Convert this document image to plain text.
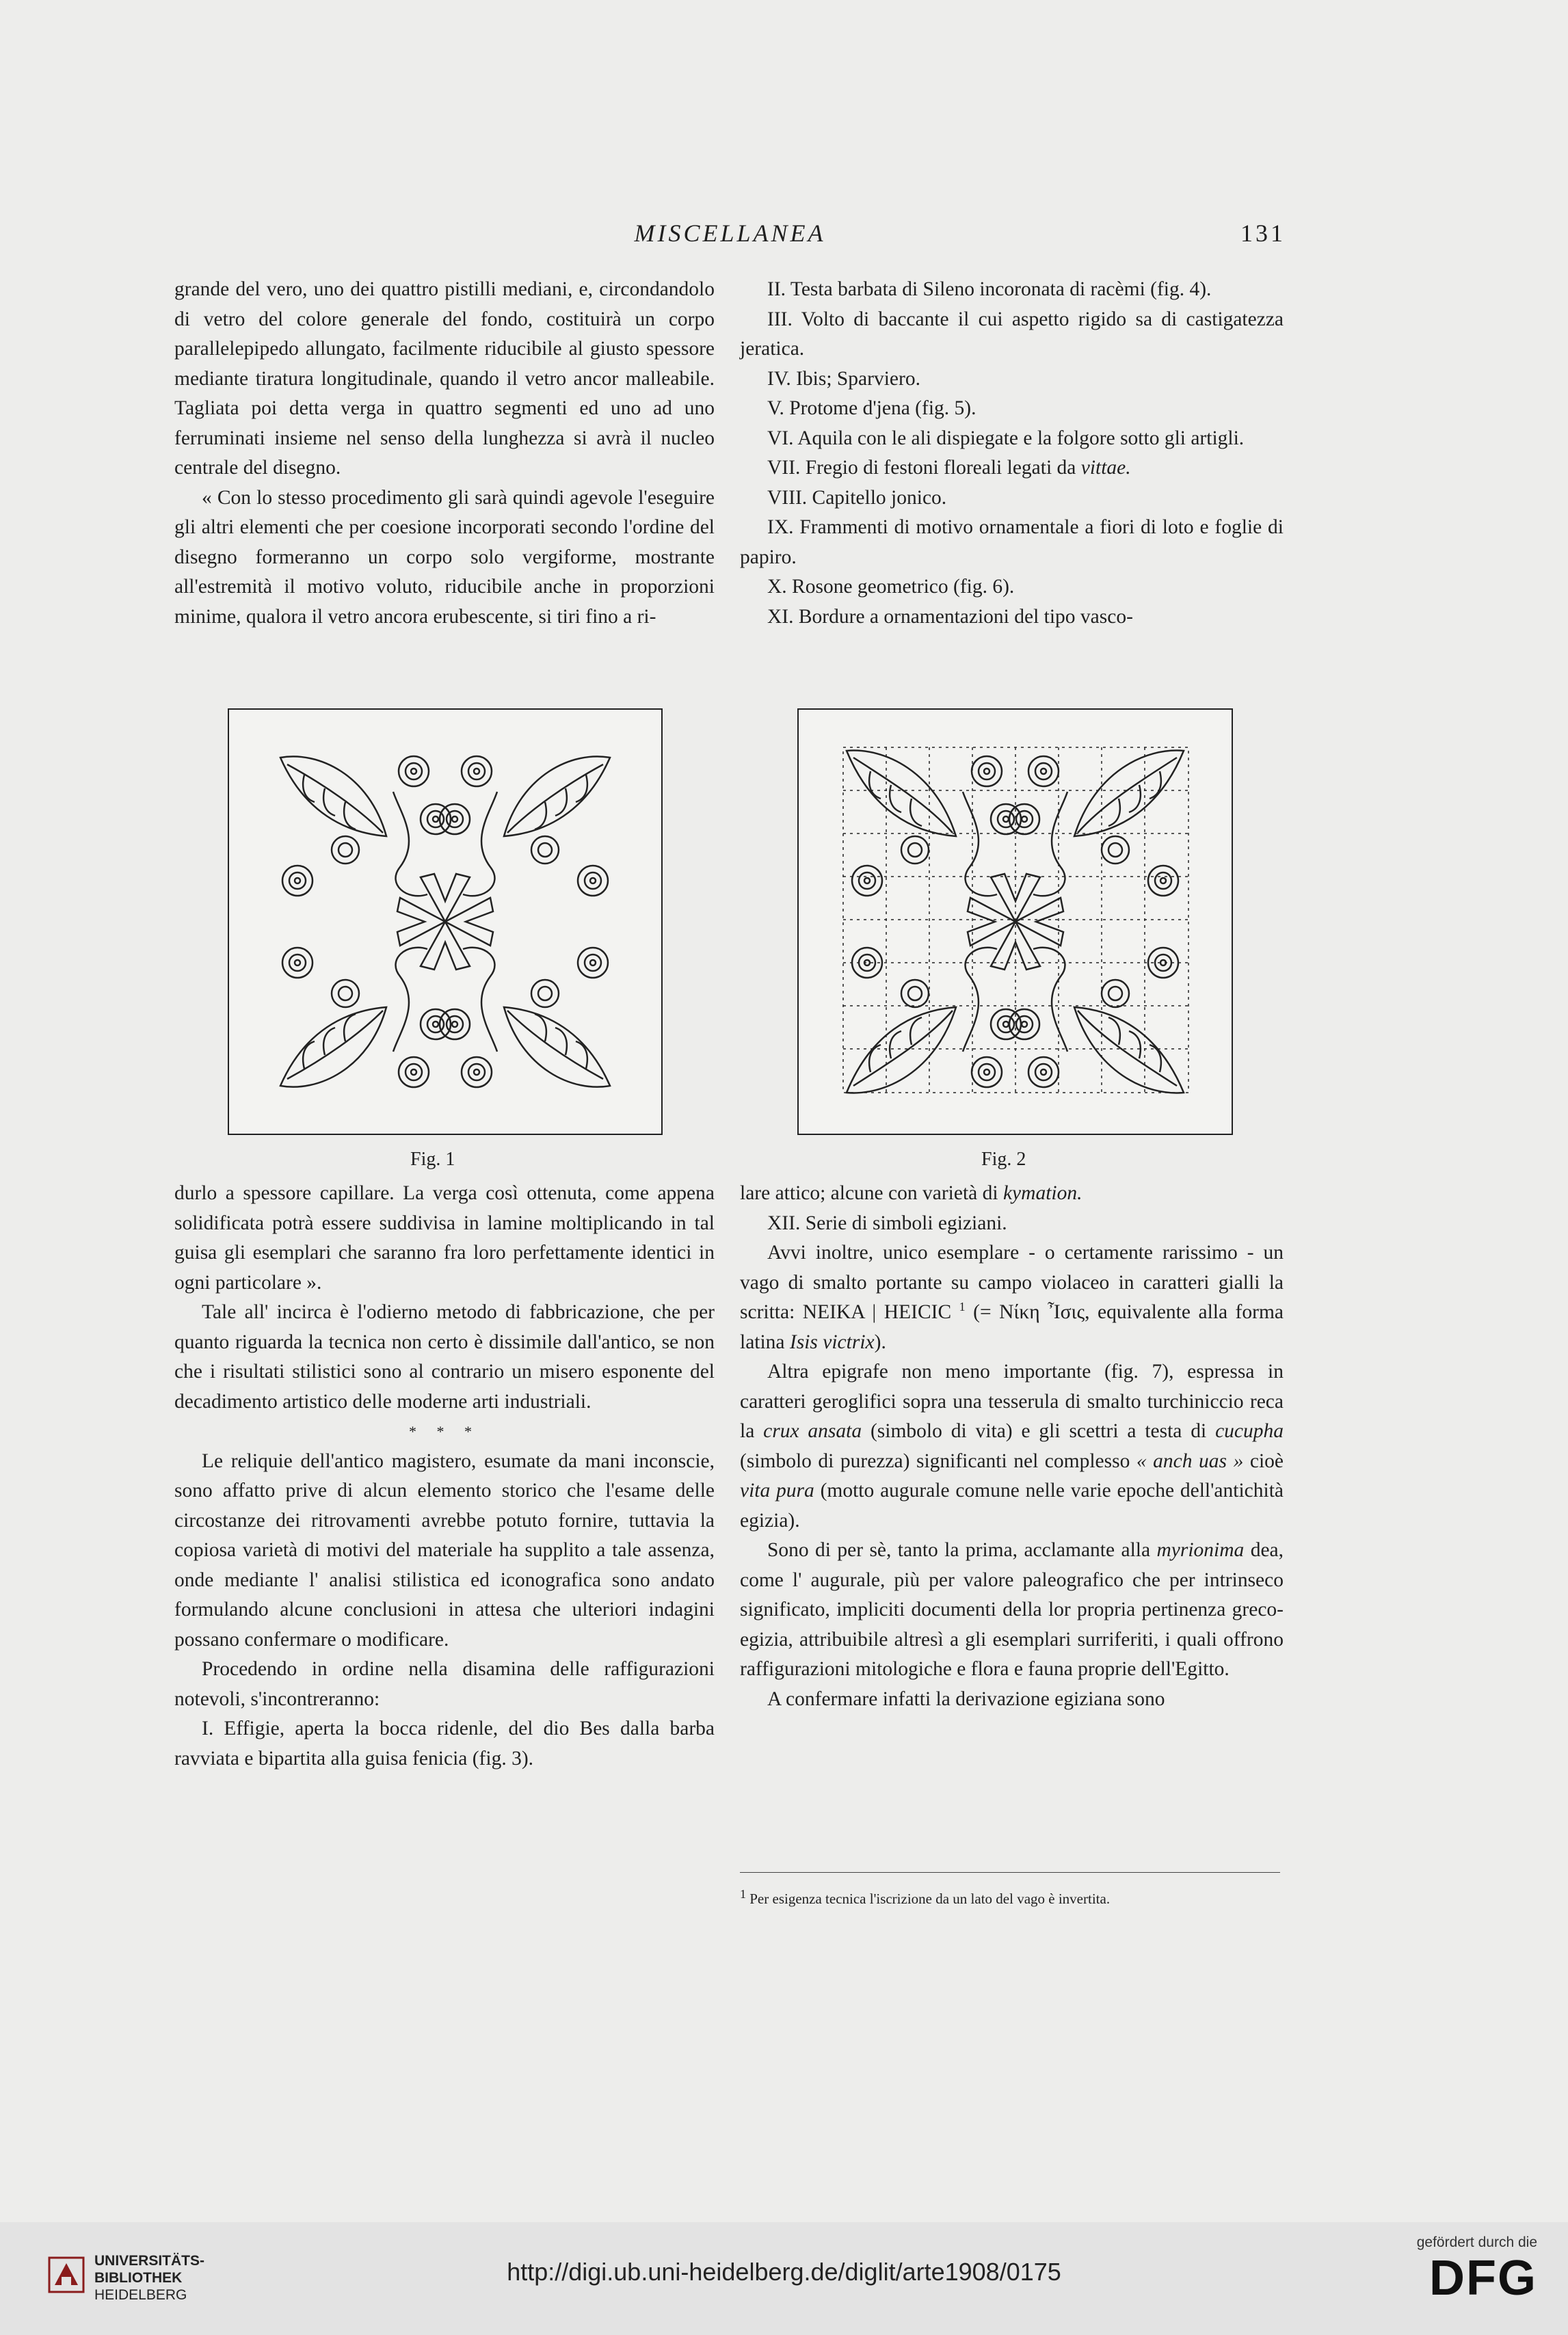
MISCELLANEA	131

grande del vero, uno dei quattro pistilli mediani, e, circondandolo di vetro del colore generale del fondo, costituirà un corpo parallelepipedo allungato, facilmente riducibile al giusto spessore mediante tiratura longitudinale, quando il vetro ancor malleabile. Tagliata poi detta verga in quattro segmenti ed uno ad uno ferruminati insieme nel senso della lunghezza si avrà il nucleo centrale del disegno.

« Con lo stesso procedimento gli sarà quindi agevole l'eseguire gli altri elementi che per coesione incorporati secondo l'ordine del disegno formeranno un corpo solo vergiforme, mostrante all'estremità il motivo voluto, riducibile anche in proporzioni minime, qualora il vetro ancora erubescente, si tiri fino a ri-

II. Testa barbata di Sileno incoronata di racèmi (fig. 4).

III. Volto di baccante il cui aspetto rigido sa di castigatezza jeratica.

IV. Ibis; Sparviero.

V. Protome d'jena (fig. 5).

VI. Aquila con le ali dispiegate e la folgore sotto gli artigli.

VII. Fregio di festoni floreali legati da vittae.

VIII. Capitello jonico.

IX. Frammenti di motivo ornamentale a fiori di loto e foglie di papiro.

X. Rosone geometrico (fig. 6).

XI. Bordure a ornamentazioni del tipo vasco-

Fig. 1	Fig. 2

durlo a spessore capillare. La verga così ottenuta, come appena solidificata potrà essere suddivisa in lamine moltiplicando in tal guisa gli esemplari che saranno fra loro perfettamente identici in ogni particolare ».

Tale all' incirca è l'odierno metodo di fabbricazione, che per quanto riguarda la tecnica non certo è dissimile dall'antico, se non che i risultati stilistici sono al contrario un misero esponente del decadimento artistico delle moderne arti industriali.

* * *

Le reliquie dell'antico magistero, esumate da mani inconscie, sono affatto prive di alcun elemento storico che l'esame delle circostanze dei ritrovamenti avrebbe potuto fornire, tuttavia la copiosa varietà di motivi del materiale ha supplito a tale assenza, onde mediante l' analisi stilistica ed iconografica sono andato formulando alcune conclusioni in attesa che ulteriori indagini possano confermare o modificare.

Procedendo in ordine nella disamina delle raffigurazioni notevoli, s'incontreranno:

I. Effigie, aperta la bocca ridenle, del dio Bes dalla barba ravviata e bipartita alla guisa fenicia (fig. 3).

lare attico; alcune con varietà di kymation.

XII. Serie di simboli egiziani.

Avvi inoltre, unico esemplare - o certamente rarissimo - un vago di smalto portante su campo violaceo in caratteri gialli la scritta: NEIKA | HEICIC $^1$ (= Νίκη Ἶσις, equivalente alla forma latina Isis victrix).

Altra epigrafe non meno importante (fig. 7), espressa in caratteri geroglifici sopra una tesserula di smalto turchiniccio reca la crux ansata (simbolo di vita) e gli scettri a testa di cucupha (simbolo di purezza) significanti nel complesso « anch uas » cioè vita pura (motto augurale comune nelle varie epoche dell'antichità egizia).

Sono di per sè, tanto la prima, acclamante alla myrionima dea, come l' augurale, più per valore paleografico che per intrinseco significato, impliciti documenti della lor propria pertinenza greco-egizia, attribuibile altresì a gli esemplari surriferiti, i quali offrono raffigurazioni mitologiche e flora e fauna proprie dell'Egitto.

A confermare infatti la derivazione egiziana sono

1 Per esigenza tecnica l'iscrizione da un lato del vago è invertita.
UNIVERSITÄTS-
BIBLIOTHEK
HEIDELBERG
http://digi.ub.uni-heidelberg.de/diglit/arte1908/0175
gefördert durch die
DFG
